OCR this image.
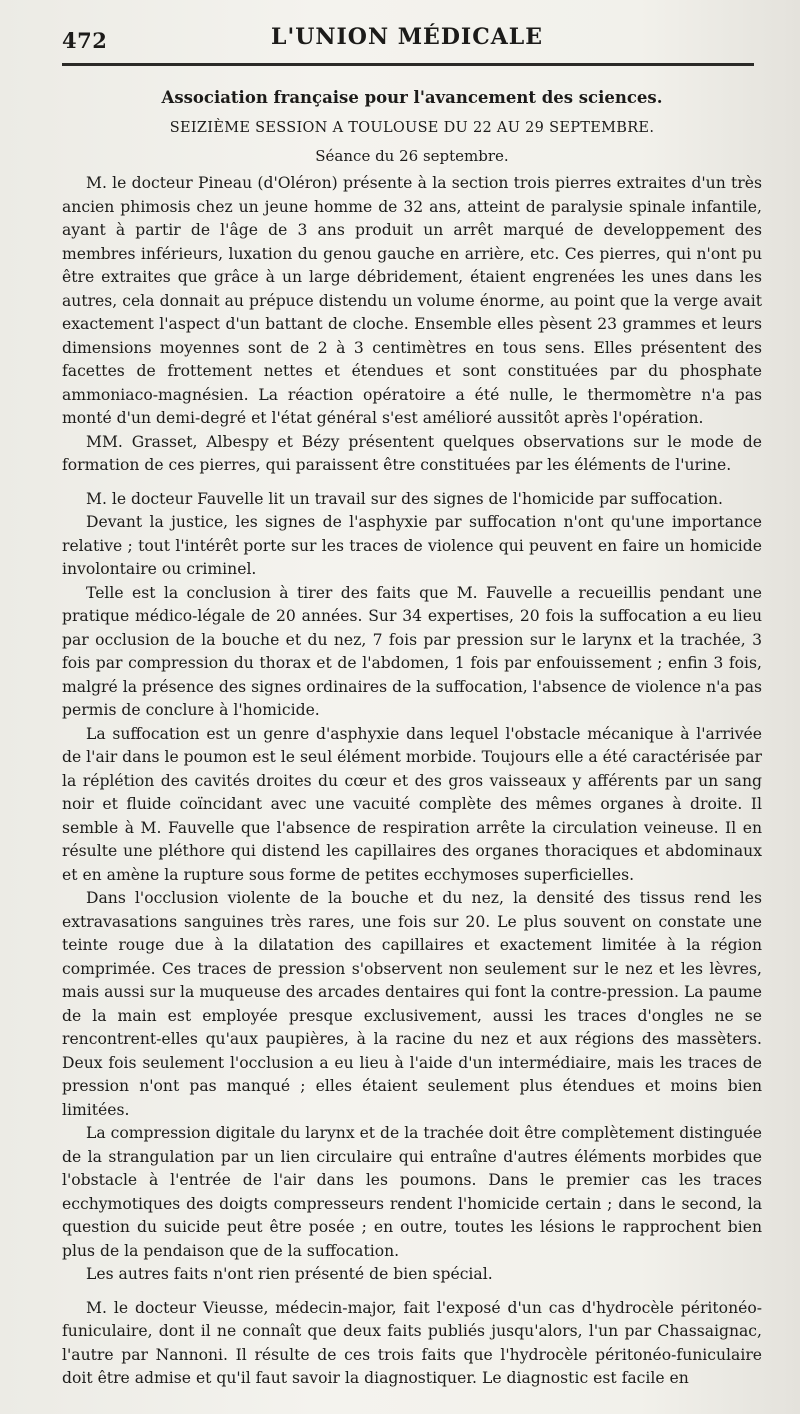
472	L'UNION MÉDICALE
Association française pour l'avancement des sciences.
SEIZIÈME SESSION A TOULOUSE DU 22 AU 29 SEPTEMBRE.
Séance du 26 septembre.

M. le docteur Pineau (d'Oléron) présente à la section trois pierres extraites d'un très ancien phimosis chez un jeune homme de 32 ans, atteint de paralysie spinale infantile, ayant à partir de l'âge de 3 ans produit un arrêt marqué de developpement des membres inférieurs, luxation du genou gauche en arrière, etc. Ces pierres, qui n'ont pu être extraites que grâce à un large débridement, étaient engrenées les unes dans les autres, cela donnait au prépuce distendu un volume énorme, au point que la verge avait exactement l'aspect d'un battant de cloche. Ensemble elles pèsent 23 grammes et leurs dimensions moyennes sont de 2 à 3 centimètres en tous sens. Elles présentent des facettes de frottement nettes et étendues et sont constituées par du phosphate ammoniaco-magnésien. La réaction opératoire a été nulle, le thermomètre n'a pas monté d'un demi-degré et l'état général s'est amélioré aussitôt après l'opération.

MM. Grasset, Albespy et Bézy présentent quelques observations sur le mode de formation de ces pierres, qui paraissent être constituées par les éléments de l'urine.

M. le docteur Fauvelle lit un travail sur des signes de l'homicide par suffocation.

Devant la justice, les signes de l'asphyxie par suffocation n'ont qu'une importance relative ; tout l'intérêt porte sur les traces de violence qui peuvent en faire un homicide involontaire ou criminel.

Telle est la conclusion à tirer des faits que M. Fauvelle a recueillis pendant une pratique médico-légale de 20 années. Sur 34 expertises, 20 fois la suffocation a eu lieu par occlusion de la bouche et du nez, 7 fois par pression sur le larynx et la trachée, 3 fois par compression du thorax et de l'abdomen, 1 fois par enfouissement ; enfin 3 fois, malgré la présence des signes ordinaires de la suffocation, l'absence de violence n'a pas permis de conclure à l'homicide.

La suffocation est un genre d'asphyxie dans lequel l'obstacle mécanique à l'arrivée de l'air dans le poumon est le seul élément morbide. Toujours elle a été caractérisée par la réplétion des cavités droites du cœur et des gros vaisseaux y afférents par un sang noir et fluide coïncidant avec une vacuité complète des mêmes organes à droite. Il semble à M. Fauvelle que l'absence de respiration arrête la circulation veineuse. Il en résulte une pléthore qui distend les capillaires des organes thoraciques et abdominaux et en amène la rupture sous forme de petites ecchymoses superficielles.

Dans l'occlusion violente de la bouche et du nez, la densité des tissus rend les extravasations sanguines très rares, une fois sur 20. Le plus souvent on constate une teinte rouge due à la dilatation des capillaires et exactement limitée à la région comprimée. Ces traces de pression s'observent non seulement sur le nez et les lèvres, mais aussi sur la muqueuse des arcades dentaires qui font la contre-pression. La paume de la main est employée presque exclusivement, aussi les traces d'ongles ne se rencontrent-elles qu'aux paupières, à la racine du nez et aux régions des massèters. Deux fois seulement l'occlusion a eu lieu à l'aide d'un intermédiaire, mais les traces de pression n'ont pas manqué ; elles étaient seulement plus étendues et moins bien limitées.

La compression digitale du larynx et de la trachée doit être complètement distinguée de la strangulation par un lien circulaire qui entraîne d'autres éléments morbides que l'obstacle à l'entrée de l'air dans les poumons. Dans le premier cas les traces ecchymotiques des doigts compresseurs rendent l'homicide certain ; dans le second, la question du suicide peut être posée ; en outre, toutes les lésions le rapprochent bien plus de la pendaison que de la suffocation.

Les autres faits n'ont rien présenté de bien spécial.

M. le docteur Vieusse, médecin-major, fait l'exposé d'un cas d'hydrocèle péritonéo-funiculaire, dont il ne connaît que deux faits publiés jusqu'alors, l'un par Chassaignac, l'autre par Nannoni. Il résulte de ces trois faits que l'hydrocèle péritonéo-funiculaire doit être admise et qu'il faut savoir la diagnostiquer. Le diagnostic est facile en
